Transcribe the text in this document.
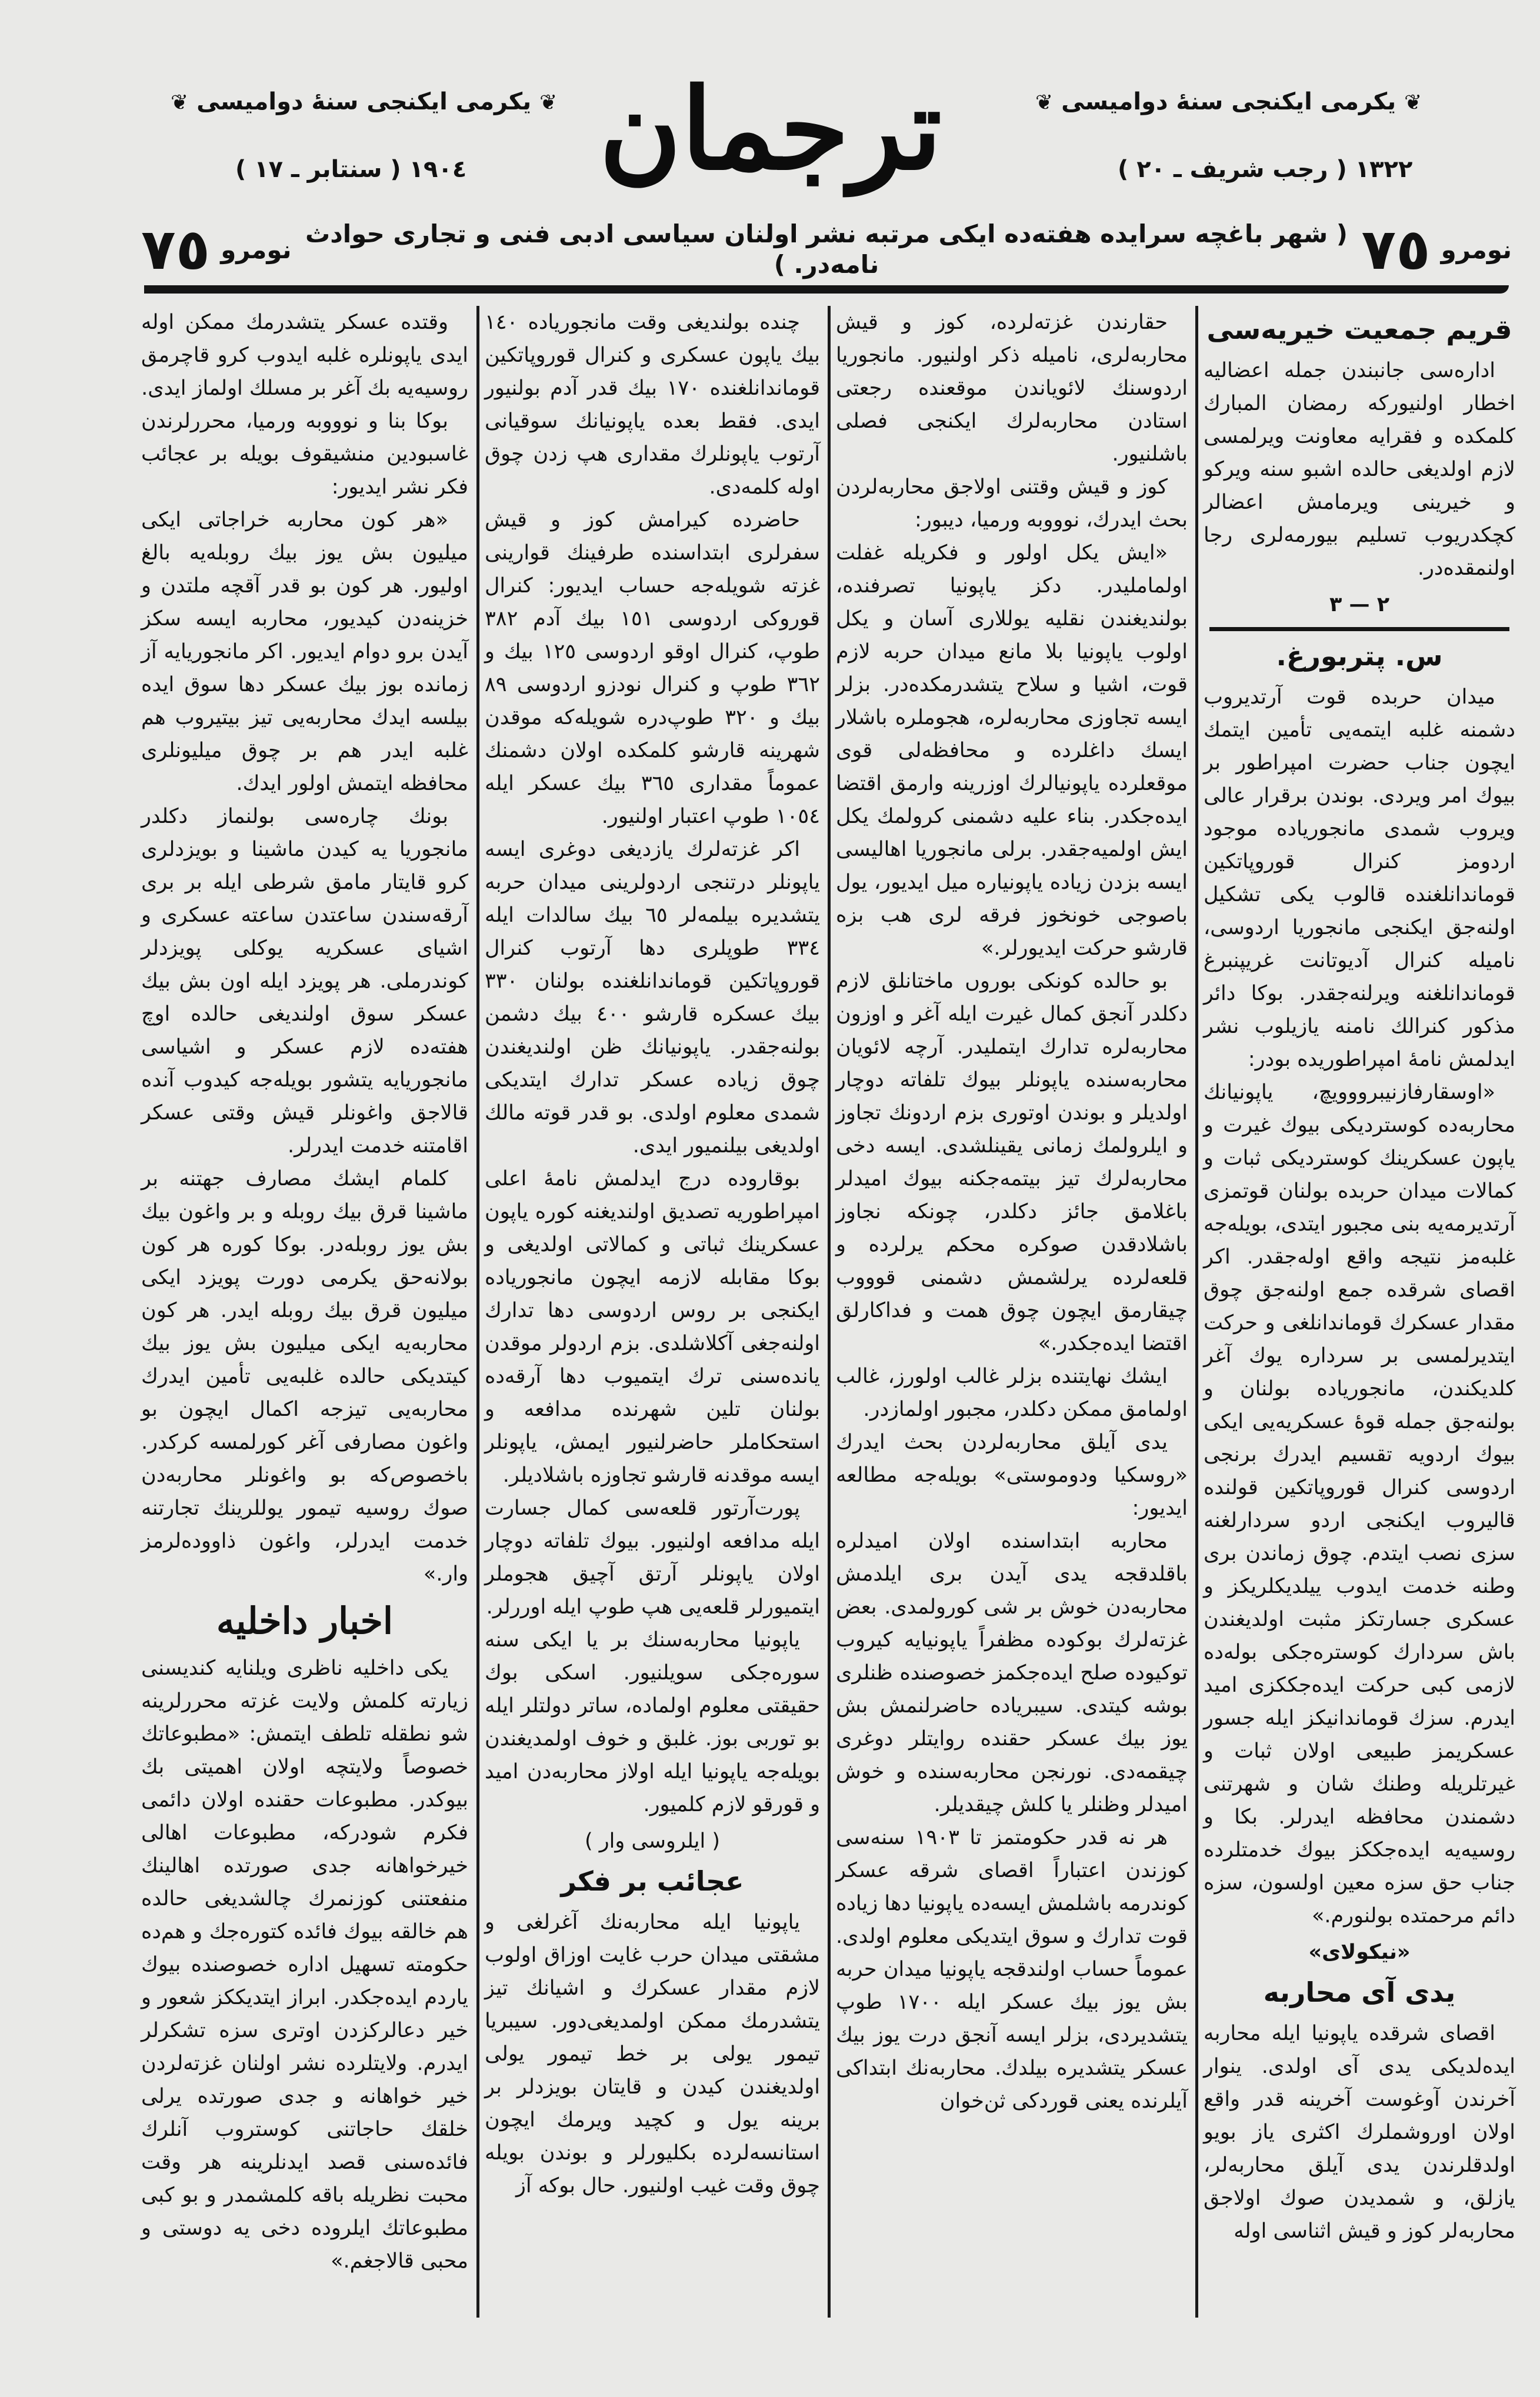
ترجمان	❦ يكرمی ايكنجی سنهٔ دواميسی ❦
❦ يكرمی ايكنجی سنهٔ دواميسی ❦
١٣٢٢ ( رجب شريف ـ ٢٠ )
١٩٠٤ ( سنتابر ـ ١٧ )
نومرو
٧٥
( شهر باغچه سرايده هفته‌ده ايكی مرتبه نشر اولنان سياسی ادبی فنی و تجاری حوادث نامه‌در. )
نومرو
٧٥
قريم جمعيت خيريه‌سی

اداره‌سی جانبندن جمله اعضاليه اخطار اولنيوركه رمضان المبارك كلمكده و فقرايه معاونت ويرلمسی لازم اولديغی حالده اشبو سنه ويركو و خيرينی ويرمامش اعضالر كچكدريوب تسليم بيورمه‌لری رجا اولنمقده‌در.

٢ — ٣
س. پتربورغ.

ميدان حربده قوت آرتديروب دشمنه غلبه ايتمه‌يی تأمين ايتمك ايچون جناب حضرت امپراطور بر بيوك امر ويردی. بوندن برقرار عالی ويروب شمدی مانجورياده موجود اردومز كنرال قوروپاتكين قوماندانلغنده قالوب يكی تشكيل اولنه‌جق ايكنجی مانجوريا اردوسی، ناميله كنرال آديوتانت غريپنبرغ قوماندانلغنه ويرلنه‌جقدر. بوكا دائر مذكور كنرالك نامنه يازيلوب نشر ايدلمش نامهٔ امپراطوريده بودر:

«اوسقارفازنيبرووويچ، ياپونيانك محاربه‌ده كوستردیكی بيوك غيرت و ياپون عسكرينك كوستردیكی ثبات و كمالات ميدان حربده بولنان قوتمزی آرتديرمه‌يه بنی مجبور ايتدی، بويله‌جه غلبه‌مز نتيجه واقع اوله‌جقدر. اكر اقصای شرقده جمع اولنه‌جق چوق مقدار عسكرك قوماندانلغی و حركت ايتديرلمسی بر سرداره يوك آغر كلديكندن، مانجورياده بولنان و بولنه‌جق جمله قوهٔ عسكريه‌يی ايكی بيوك اردويه تقسيم ايدرك برنجی اردوسی كنرال قوروپاتكين قولنده قاليروب ايكنجی اردو سردارلغنه سزی نصب ايتدم. چوق زماندن بری وطنه خدمت ايدوب ييلديكلريكز و عسكری جسارتكز مثبت اولديغندن باش سردارك كوستره‌جكی بوله‌ده لازمی كبی حركت ايده‌جككزی اميد ايدرم. سزك قوماندانيكز ايله جسور عسكريمز طبيعی اولان ثبات و غيرتلريله وطنك شان و شهرتنی دشمندن محافظه ايدرلر. بكا و روسيه‌يه ايده‌جككز بيوك خدمتلرده جناب حق سزه معين اولسون، سزه دائم مرحمتده بولنورم.»

«نيكولای»
يدی آی محاربه

اقصای شرقده ياپونيا ايله محاربه ايده‌لديكی يدی آی اولدی. ينوار آخرندن آوغوست آخرينه قدر واقع اولان اوروشملرك اكثری ياز بويو اولدقلرندن يدی آيلق محاربه‌لر، يازلق، و شمديدن صوك اولاجق محاربه‌لر كوز و قيش اثناسی اوله

حقارندن غزته‌لرده، كوز و قيش محاربه‌لری، ناميله ذكر اولنيور. مانجوريا اردوسنك لائوياندن موقعنده رجعتی استادن محاربه‌لرك ايكنجی فصلی باشلنيور.

كوز و قيش وقتنی اولاجق محاربه‌لردن بحث ايدرك، نوووبه ورميا، ديبور:

«ايش يكل اولور و فكريله غفلت اولماملیدر. دكز ياپونيا تصرفنده، بولنديغندن نقليه يوللاری آسان و يكل اولوب ياپونيا بلا مانع ميدان حربه لازم قوت، اشيا و سلاح يتشدرمكده‌در. بزلر ايسه تجاوزی محاربه‌لره، هجوملره باشلار ايسك داغلرده و محافظه‌لی قوی موقعلرده ياپونيالرك اوزرينه وارمق اقتضا ايده‌جكدر. بناء عليه دشمنی كرولمك يكل ايش اولميه‌جقدر. برلی مانجوريا اهاليسی ايسه بزدن زياده ياپونياره ميل ايديور، يول باصوجی خونخوز فرقه لری هب بزه قارشو حركت ايديورلر.»

بو حالده كونكی بوروں ماختانلق لازم دكلدر آنجق كمال غيرت ايله آغر و اوزون محاربه‌لره تدارك ايتمليدر. آرچه لائويان محاربه‌سنده ياپونلر بيوك تلفاته دوچار اولديلر و بوندن اوتوری بزم اردونك تجاوز و ايلرولمك زمانی يقينلشدی. ايسه دخی محاربه‌لرك تيز بيتمه‌جكنه بيوك اميدلر باغلامق جائز دكلدر، چونكه نجاوز باشلادقدن صوكره محكم يرلرده و قلعه‌لرده يرلشمش دشمنی قوووب چيقارمق ايچون چوق همت و فداكارلق اقتضا ايده‌جكدر.»

ايشك نهايتنده بزلر غالب اولورز، غالب اولمامق ممكن دكلدر، مجبور اولمازدر.

يدی آيلق محاربه‌لردن بحث ايدرك «روسكيا ودوموستی» بويله‌جه مطالعه ايديور:

محاربه ابتداسنده اولان اميدلره باقلدقجه يدی آيدن بری ايلدمش محاربه‌دن خوش بر شی كورولمدی. بعض غزته‌لرك بوكوده مظفراً ياپونيايه كيروب توكيوده صلح ايده‌جكمز خصوصنده ظنلری بوشه كيتدی. سيبرياده حاضرلنمش بش يوز بيك عسكر حقنده روايتلر دوغری چيقمه‌دی. نورنجن محاربه‌سنده و خوش اميدلر وظنلر يا كلش چيقديلر.

هر نه قدر حكومتمز تا ١٩٠٣ سنه‌سی كوزندن اعتباراً اقصای شرقه عسكر كوندرمه باشلمش ايسه‌ده ياپونيا دها زياده قوت تدارك و سوق ايتديكی معلوم اولدی. عموماً حساب اولندقجه ياپونيا ميدان حربه بش يوز بيك عسكر ايله ١٧٠٠ طوپ يتشديردی، بزلر ايسه آنجق درت يوز بيك عسكر يتشديره بيلدك. محاربه‌نك ابتداكی آيلرنده يعنی قوردكی ثن‌خوان

چنده بولنديغی وقت مانجورياده ١٤٠ بيك ياپون عسكری و كنرال قوروپاتكين قوماندانلغنده ١٧٠ بيك قدر آدم بولنيور ايدی. فقط بعده ياپونيانك سوقيانی آرتوب ياپونلرك مقداری هپ زدن چوق اوله كلمه‌دی.

حاضرده كيرامش كوز و قيش سفرلری ابتداسنده طرفينك قوارينی غزته شويله‌جه حساب ايديور: كنرال قوروكی اردوسی ١٥١ بيك آدم ٣٨٢ طوپ، كنرال اوقو اردوسی ١٢٥ بيك و ٣٦٢ طوپ و كنرال نودزو اردوسی ٨٩ بيك و ٣٢٠ طوپ‌دره شويله‌كه موقدن شهرينه قارشو كلمكده اولان دشمنك عموماً مقداری ٣٦٥ بيك عسكر ايله ١٠٥٤ طوپ اعتبار اولنيور.

اكر غزته‌لرك يازديغی دوغری ايسه‌ ياپونلر درتنجی اردولرينی ميدان حربه يتشديره بيلمه‌لر ٦٥ بيك سالدات ايله ٣٣٤ طوپلری دها آرتوب كنرال قوروپاتكين قوماندانلغنده بولنان ٣٣٠ بيك عسكره قارشو ٤٠٠ بيك دشمن بولنه‌جقدر. ياپونيانك ظن اولنديغندن چوق زياده عسكر تدارك ايتديكی شمدی معلوم اولدی. بو قدر قوته مالك اولديغی بيلنميور ايدی.

بوقاروده درج ايدلمش نامهٔ اعلی امپراطوريه تصديق اولنديغنه كوره ياپون عسكرينك ثباتی و كمالاتی اولديغی و بوكا مقابله لازمه ايچون مانجورياده ايكنجی بر روس اردوسی دها تدارك اولنه‌جغی آكلاشلدی. بزم اردولر موقدن يانده‌سنی ترك ايتميوب دها آرقه‌ده بولنان تلين شهرنده مدافعه و استحكاملر حاضرلنيور ايمش، ياپونلر ايسه موقدنه قارشو تجاوزه باشلاديلر.

پورت‌آرتور قلعه‌سی كمال جسارت ايله مدافعه اولنيور. بيوك تلفاته دوچار اولان ياپونلر آرتق آچيق هجوملر ايتميورلر قلعه‌يی هپ طوپ ايله اوررلر.

ياپونيا محاربه‌سنك بر يا ايكی سنه سوره‌جكی سويلنيور. اسكی بوك حقيقتی معلوم اولماده، ساتر دولتلر ايله بو توربی بوز. غلبق و خوف اولمديغندن بويله‌جه ياپونيا ايله اولاز محاربه‌دن اميد و قورقو لازم كلميور.

( ايلروسی وار )
عجائب بر فكر

ياپونيا ايله محاربه‌نك آغرلغی و مشقتی ميدان حرب غايت اوزاق اولوب لازم مقدار عسكرك و اشيانك تيز يتشدرمك ممكن اولمديغی‌دور. سيبريا تيمور يولی بر خط تيمور يولی اولديغندن كيدن و قايتان بويزدلر بر برينه يول و كچيد ويرمك ايچون استانسه‌لرده بكليورلر و بوندن بويله چوق وقت غيب اولنيور. حال بوكه آز

وقتده عسكر يتشدرمك ممكن اوله ايدی ياپونلره غلبه ايدوب كرو قاچرمق روسيه‌يه بك آغر بر مسلك اولماز ايدی.

بوكا بنا و نوووبه ورميا، محررلرندن غاسبودين منشيقوف بويله بر عجائب فكر نشر ايديور:

«هر كون محاربه خراجاتی ايكی ميليون بش يوز بيك روبله‌يه بالغ اوليور. هر كون بو قدر آقچه ملتدن و خزينه‌دن كيديور، محاربه ايسه سكز آيدن برو دوام ايديور. اكر مانجوريايه آز زمانده بوز بيك عسكر دها سوق ايده بيلسه ايدك محاربه‌يی تيز بيتيروب هم غلبه ايدر هم بر چوق ميليونلری محافظه ايتمش اولور ايدك.

بونك چاره‌سی بولنماز دكلدر مانجوريا يه كيدن ماشينا و بويزدلری كرو قايتار مامق شرطی ايله بر برى آرقه‌سندن ساعتدن ساعته عسكری و اشيای عسكريه يوكلی پويزدلر كوندرملی. هر پويزد ايله اون بش بيك عسكر سوق اولنديغی حالده اوچ هفته‌ده لازم عسكر و اشياسی مانجوريايه يتشور بويله‌جه كيدوب آنده قالاجق واغونلر قيش وقتی عسكر اقامتنه خدمت ايدرلر.

كلمام ايشك مصارف جهتنه بر ماشينا قرق بيك روبله و بر واغون بيك بش يوز روبله‌در. بوكا كوره هر كون بولانه‌حق يكرمی دورت پويزد ايكی ميليون قرق بيك روبله ايدر. هر كون محاربه‌يه ايكی ميليون بش يوز بيك كيتديكی حالده غلبه‌يی تأمين ايدرك محاربه‌يی تيزجه اكمال ايچون بو واغون مصارفی آغر كورلمسه كركدر. باخصوص‌كه بو واغونلر محاربه‌دن صوك روسيه تيمور يوللرينك تجارتنه خدمت ايدرلر، واغون ذاووده‌لرمز وار.»

اخبار داخليه

يكی داخليه ناظری ويلنايه كنديسنی زيارته كلمش ولايت غزته محررلرينه شو نطقله تلطف ايتمش: «مطبوعاتك خصوصاً ولايتچه اولان اهميتی بك بيوكدر. مطبوعات حقنده اولان دائمی فكرم شودركه، مطبوعات اهالی خيرخواهانه جدی صورتده اهالينك منفعتنی كوزنمرك چالشديغی حالده هم خالقه بيوك فائده كتوره‌جك و هم‌ده حكومته تسهيل اداره خصوصنده بيوك ياردم ايده‌جكدر. ابراز ايتديككز شعور و خير دعالركزدن اوتری سزه تشكرلر ايدرم. ولايتلرده نشر اولنان غزته‌لردن خير خواهانه و جدی صورتده يرلی خلقك حاجاتنی كوستروب آنلرك فائده‌سنی قصد ايدنلرينه هر وقت محبت نظريله باقه كلمشمدر و بو كبی مطبوعاتك ايلروده دخی يه دوستی و محبی قالاجغم.»
